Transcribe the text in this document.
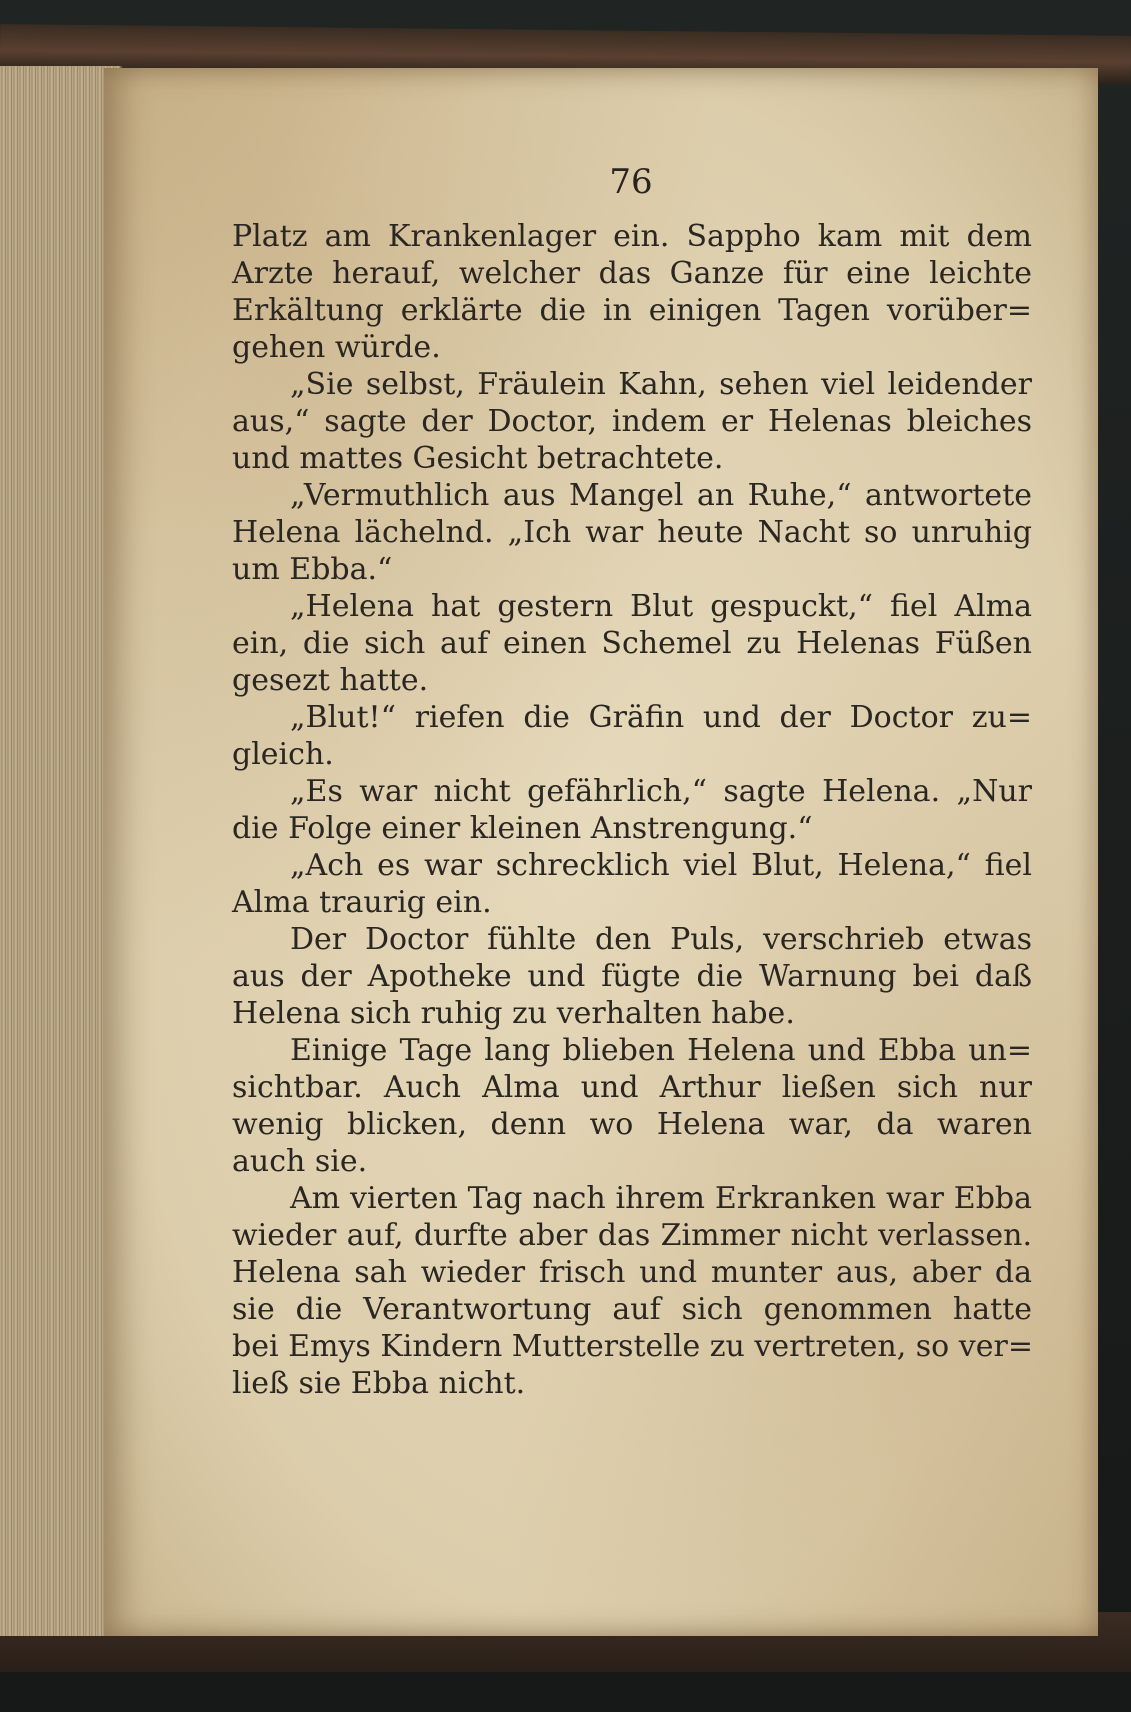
76

Platz am Krankenlager ein. Sappho kam mit dem
Arzte herauf, welcher das Ganze für eine leichte
Erkältung erklärte die in einigen Tagen vorüber=
gehen würde.

„Sie selbst, Fräulein Kahn, sehen viel leidender
aus,“ sagte der Doctor, indem er Helenas bleiches
und mattes Gesicht betrachtete.

„Vermuthlich aus Mangel an Ruhe,“ antwortete
Helena lächelnd. „Ich war heute Nacht so unruhig
um Ebba.“

„Helena hat gestern Blut gespuckt,“ fiel Alma
ein, die sich auf einen Schemel zu Helenas Füßen
gesezt hatte.

„Blut!“ riefen die Gräfin und der Doctor zu=
gleich.

„Es war nicht gefährlich,“ sagte Helena. „Nur
die Folge einer kleinen Anstrengung.“

„Ach es war schrecklich viel Blut, Helena,“ fiel
Alma traurig ein.

Der Doctor fühlte den Puls, verschrieb etwas
aus der Apotheke und fügte die Warnung bei daß
Helena sich ruhig zu verhalten habe.

Einige Tage lang blieben Helena und Ebba un=
sichtbar. Auch Alma und Arthur ließen sich nur
wenig blicken, denn wo Helena war, da waren
auch sie.

Am vierten Tag nach ihrem Erkranken war Ebba
wieder auf, durfte aber das Zimmer nicht verlassen.
Helena sah wieder frisch und munter aus, aber da
sie die Verantwortung auf sich genommen hatte
bei Emys Kindern Mutterstelle zu vertreten, so ver=
ließ sie Ebba nicht.
